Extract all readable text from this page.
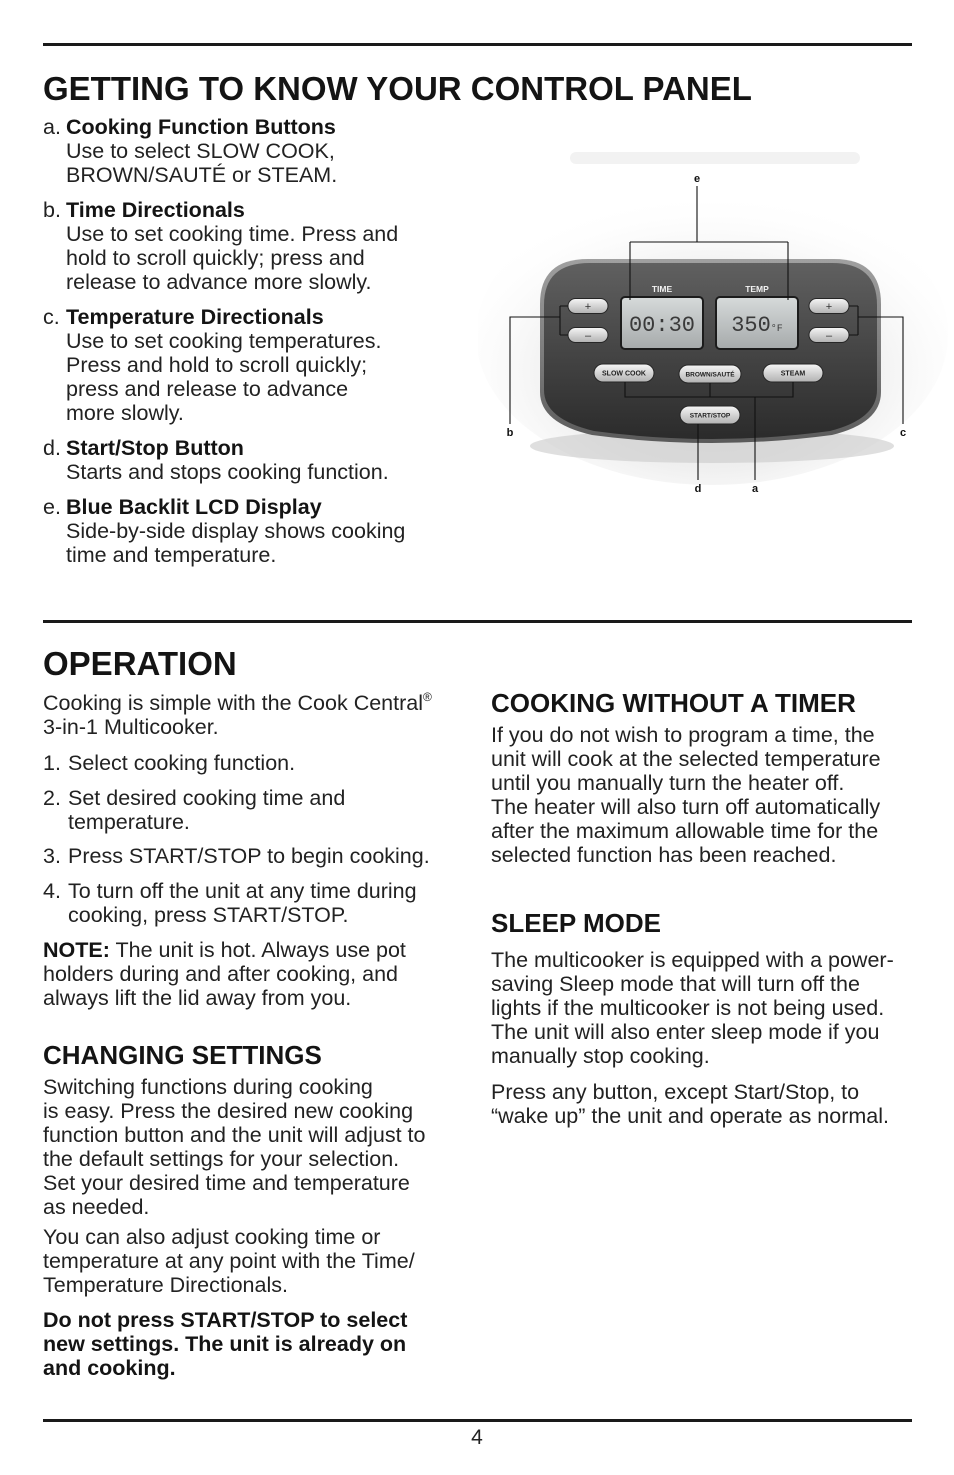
GETTING TO KNOW YOUR CONTROL PANEL
a. Cooking Function Buttons
Use to select SLOW COOK,
BROWN/SAUTÉ or STEAM.
b. Time Directionals
Use to set cooking time. Press and
hold to scroll quickly; press and
release to advance more slowly.
c. Temperature Directionals
Use to set cooking temperatures.
Press and hold to scroll quickly;
press and release to advance
more slowly.
d. Start/Stop Button
Starts and stops cooking function.
e. Blue Backlit LCD Display
Side-by-side display shows cooking
time and temperature.
TIME	TEMP
00:30 350°F
+
–
+
–
SLOW COOK	BROWN/SAUTÉ	STEAM
START/STOP
e
b	c
d	a
OPERATION
Cooking is simple with the Cook Central®
3-in-1 Multicooker.
1. Select cooking function.
2. Set desired cooking time and
temperature.
3. Press START/STOP to begin cooking.
4. To turn off the unit at any time during
cooking, press START/STOP.
NOTE: The unit is hot. Always use pot
holders during and after cooking, and
always lift the lid away from you.
CHANGING SETTINGS
Switching functions during cooking
is easy. Press the desired new cooking
function button and the unit will adjust to
the default settings for your selection.
Set your desired time and temperature
as needed.
You can also adjust cooking time or
temperature at any point with the Time/
Temperature Directionals.
Do not press START/STOP to select
new settings. The unit is already on
and cooking.
COOKING WITHOUT A TIMER
If you do not wish to program a time, the
unit will cook at the selected temperature
until you manually turn the heater off.
The heater will also turn off automatically
after the maximum allowable time for the
selected function has been reached.
SLEEP MODE
The multicooker is equipped with a power-
saving Sleep mode that will turn off the
lights if the multicooker is not being used.
The unit will also enter sleep mode if you
manually stop cooking.
Press any button, except Start/Stop, to
“wake up” the unit and operate as normal.
4
